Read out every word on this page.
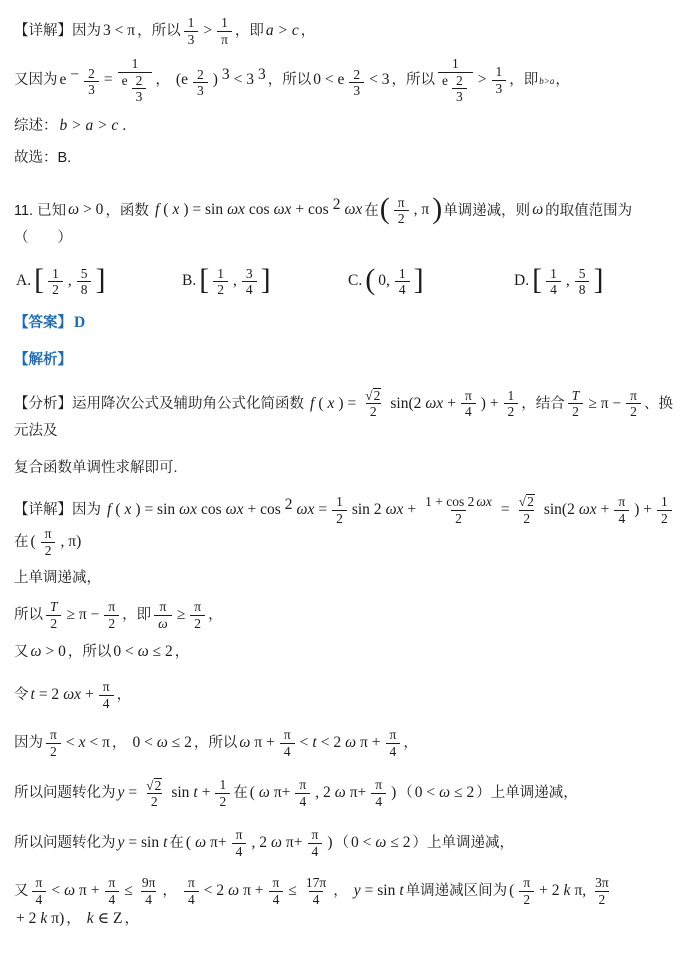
【详解】因为 3 < π ，所以 $\frac{1}{3} > \frac{1}{\pi}$ ，即 a > c ，
又因为 $e - \frac{2}{3} = \frac{1}{e \frac{2}{3}}$ ， ($e \frac{2}{3}$ ) 3 < 3 3 ，所以 0 < e $\frac{2}{3} < 3$ ，所以 $\frac{1}{e \frac{2}{3}} > \frac{1}{3}$ ，即b>a，
综述： b > a > c .
故选：B.
11. 已知 ω > 0 ，函数 f ( x ) = sin ωx cos ωx + cos 2 ωx 在( $\frac{\pi}{2}$ , π )单调递减，则 ω 的取值范围为（　　）
A. [ $\frac{1}{2}$ , $\frac{5}{8}$ ]	B. [ $\frac{1}{2}$ , $\frac{3}{4}$ ]	C. ( 0, $\frac{1}{4}$ ]	D. [ $\frac{1}{4}$ , $\frac{5}{8}$ ]
【答案】 D
【解析】
【分析】运用降次公式及辅助角公式化简函数 f ( x ) = $\frac{√ 2}{2} \sin(2$ $\omega x + \frac{\pi}{4}$ ) + $\frac{1}{2}$ ，结合 $\frac{T}{2} \ge \pi - \frac{\pi}{2}$ 、换元法及
复合函数单调性求解即可.
【详解】因为 f ( x ) = sin ωx cos ωx + cos 2 $\omega x = \frac{1}{2}$ sin 2 $\omega x + \frac{1 + \cos 2 \omega x}{2} = \frac{√ 2}{2} \sin(2$ $\omega x + \frac{\pi}{4}$ ) + $\frac{1}{2}$
在 ( $\frac{\pi}{2}$ , π)
上单调递减，
所以 $\frac{T}{2} \ge \pi - \frac{\pi}{2}$ ，即 $\frac{\pi}{\omega} \ge \frac{\pi}{2}$ ，
又 ω > 0 ，所以 0 < ω ≤ 2 ，
令 t = 2 $\omega x + \frac{\pi}{4}$ ，
因为 $\frac{\pi}{2} < x < \pi$ ， 0 < ω ≤ 2 ，所以 ω $\pi + \frac{\pi}{4} < t < 2$ ω $\pi + \frac{\pi}{4}$ ，
所以问题转化为 $y = \frac{√ 2}{2}$ $\sin t + \frac{1}{2}$ 在 ( ω $\pi+ \frac{\pi}{4}$ , 2 ω $\pi+ \frac{\pi}{4}$ ) （ 0 < ω ≤ 2 ）上单调递减，
所以问题转化为 y = sin t 在 ( ω $\pi+ \frac{\pi}{4}$ , 2 ω $\pi+ \frac{\pi}{4}$ ) （ 0 < ω ≤ 2 ）上单调递减，
又 $\frac{\pi}{4} < \omega$ $\pi + \frac{\pi}{4} \le \frac{9\pi}{4}$ ， $\frac{\pi}{4} < 2$ ω $\pi + \frac{\pi}{4} \le \frac{17\pi}{4}$ ， y = sin t 单调递减区间为 ( $\frac{\pi}{2} + 2$ k π, $\frac{3\pi}{2}$
+ 2 k π) ， k ∈ Z ，
